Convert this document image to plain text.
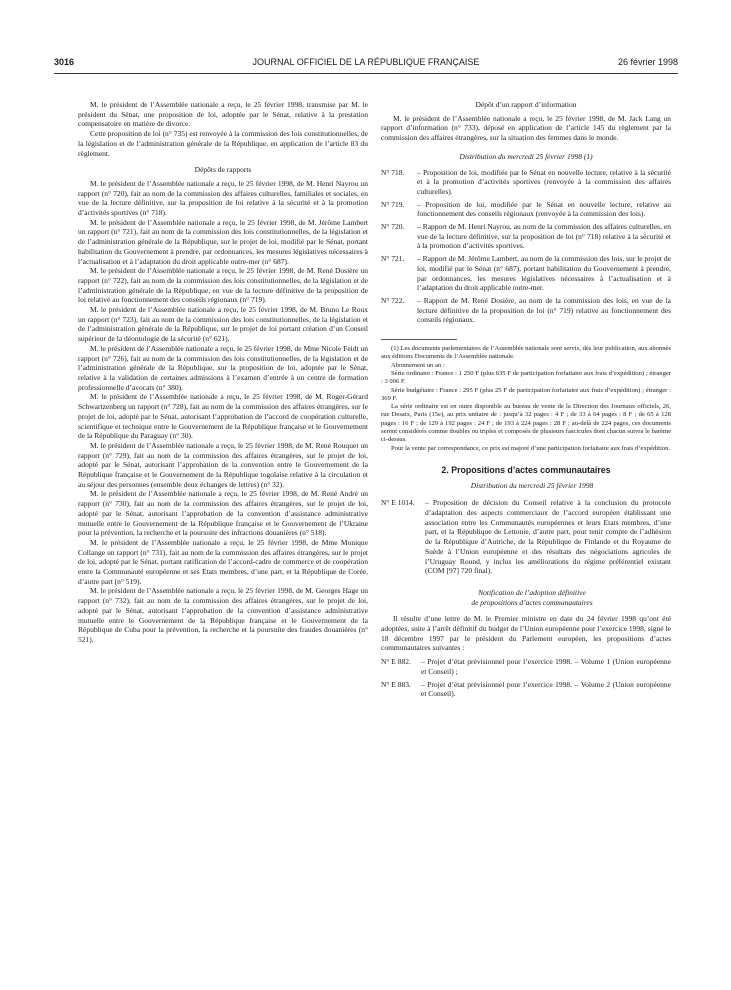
3016	JOURNAL OFFICIEL DE LA RÉPUBLIQUE FRANÇAISE	26 février 1998

M. le président de l’Assemblée nationale a reçu, le 25 février 1998, transmise par M. le président du Sénat, une proposition de loi, adoptée par le Sénat, relative à la prestation compensatoire en matière de divorce.

Cette proposition de loi (n° 735) est renvoyée à la commission des lois constitutionnelles, de la législation et de l’administration générale de la République, en application de l’article 83 du règlement.

Dépôts de rapports

M. le président de l’Assemblée nationale a reçu, le 25 février 1998, de M. Henri Nayrou un rapport (n° 720), fait au nom de la commission des affaires culturelles, familiales et sociales, en vue de la lecture définitive, sur la proposition de loi relative à la sécurité et à la promotion d’activités sportives (n° 718).

M. le président de l’Assemblée nationale a reçu, le 25 février 1998, de M. Jérôme Lambert un rapport (n° 721), fait au nom de la commission des lois constitutionnelles, de la législation et de l’administration générale de la République, sur le projet de loi, modifié par le Sénat, portant habilitation du Gouvernement à prendre, par ordonnances, les mesures législatives nécessaires à l’actualisation et à l’adaptation du droit applicable outre-mer (n° 687).

M. le président de l’Assemblée nationale a reçu, le 25 février 1998, de M. René Dosière un rapport (n° 722), fait au nom de la commission des lois constitutionnelles, de la législation et de l’administration générale de la République, en vue de la lecture définitive de la proposition de loi relative au fonctionnement des conseils régionaux (n° 719).

M. le président de l’Assemblée nationale a reçu, le 25 février 1998, de M. Bruno Le Roux un rapport (n° 723), fait au nom de la commission des lois constitutionnelles, de la législation et de l’administration générale de la République, sur le projet de loi portant création d’un Conseil supérieur de la déontologie de la sécurité (n° 621).

M. le président de l’Assemblée nationale a reçu, le 25 février 1998, de Mme Nicole Feidt un rapport (n° 726), fait au nom de la commission des lois constitutionnelles, de la législation et de l’administration générale de la République, sur la proposition de loi, adoptée par le Sénat, relative à la validation de certaines admissions à l’examen d’entrée à un centre de formation professionnelle d’avocats (n° 380).

M. le président de l’Assemblée nationale a reçu, le 25 février 1998, de M. Roger-Gérard Schwartzenberg un rapport (n° 728), fait au nom de la commission des affaires étrangères, sur le projet de loi, adopté par le Sénat, autorisant l’approbation de l’accord de coopération culturelle, scientifique et technique entre le Gouvernement de la République française et le Gouvernement de la République du Paraguay (n° 30).

M. le président de l’Assemblée nationale a reçu, le 25 février 1998, de M. René Rouquet un rapport (n° 729), fait au nom de la commission des affaires étrangères, sur le projet de loi, adopté par le Sénat, autorisant l’approbation de la convention entre le Gouvernement de la République française et le Gouvernement de la République togolaise relative à la circulation et au séjour des personnes (ensemble deux échanges de lettres) (n° 32).

M. le président de l’Assemblée nationale a reçu, le 25 février 1998, de M. René André un rapport (n° 730), fait au nom de la commission des affaires étrangères, sur le projet de loi, adopté par le Sénat, autorisant l’approbation de la convention d’assistance administrative mutuelle entre le Gouvernement de la République française et le Gouvernement de l’Ukraine pour la prévention, la recherche et la poursuite des infractions douanières (n° 518).

M. le président de l’Assemblée nationale a reçu, le 25 février 1998, de Mme Monique Collange un rapport (n° 731), fait au nom de la commission des affaires étrangères, sur le projet de loi, adopté par le Sénat, portant ratification de l’accord-cadre de commerce et de coopération entre la Communauté européenne et ses Etats membres, d’une part, et la République de Corée, d’autre part (n° 519).

M. le président de l’Assemblée nationale a reçu, le 25 février 1998, de M. Georges Hage un rapport (n° 732), fait au nom de la commission des affaires étrangères, sur le projet de loi, adopté par le Sénat, autorisant l’approbation de la convention d’assistance administrative mutuelle entre le Gouvernement de la République française et le Gouvernement de la République de Cuba pour la prévention, la recherche et la poursuite des fraudes douanières (n° 521).

Dépôt d’un rapport d’information

M. le président de l’Assemblée nationale a reçu, le 25 février 1998, de M. Jack Lang un rapport d’information (n° 733), déposé en application de l’article 145 du règlement par la commission des affaires étrangères, sur la situation des femmes dans le monde.

Distribution du mercredi 25 février 1998 (1)

N° 718.	– Proposition de loi, modifiée par le Sénat en nouvelle lecture, relative à la sécurité et à la promotion d’activités sportives (renvoyée à la commission des affaires culturelles).
N° 719.	– Proposition de loi, modifiée par le Sénat en nouvelle lecture, relative au fonctionnement des conseils régionaux (renvoyée à la commission des lois).
N° 720.	– Rapport de M. Henri Nayrou, au nom de la commission des affaires culturelles, en vue de la lecture définitive, sur la proposition de loi (n° 718) relative à la sécurité et à la promotion d’activités sportives.
N° 721.	– Rapport de M. Jérôme Lambert, au nom de la commission des lois, sur le projet de loi, modifié par le Sénat (n° 687), portant habilitation du Gouvernement à prendre, par ordonnances, les mesures législatives nécessaires à l’actualisation et à l’adaptation du droit applicable outre-mer.
N° 722.	– Rapport de M. René Dosière, au nom de la commission des lois, en vue de la lecture définitive de la proposition de loi (n° 719) relative au fonctionnement des conseils régionaux.

(1) Les documents parlementaires de l’Assemblée nationale sont servis, dès leur publication, aux abonnés aux éditions Documents de l’Assemblée nationale.

Abonnement un an :

Série ordinaire : France : 1 250 F (plus 635 F de participation forfaitaire aux frais d’expédition) ; étranger : 3 006 F.

Série budgétaire : France : 295 F (plus 25 F de participation forfaitaire aux frais d’expédition) ; étranger : 369 F.

La série ordinaire est en outre disponible au bureau de vente de la Direction des Journaux officiels, 26, rue Desaix, Paris (15e), au prix unitaire de : jusqu’à 32 pages : 4 F ; de 33 à 64 pages : 8 F ; de 65 à 128 pages : 16 F ; de 129 à 192 pages : 24 F ; de 193 à 224 pages : 28 F ; au-delà de 224 pages, ces documents seront considérés comme doubles ou triples et composés de plusieurs fascicules dont chacun suivra le barème ci-dessus.

Pour la vente par correspondance, ce prix est majoré d’une participation forfaitaire aux frais d’expédition.

2. Propositions d’actes communautaires

Distribution du mercredi 25 février 1998

N° E 1014.	– Proposition de décision du Conseil relative à la conclusion du protocole d’adaptation des aspects commerciaux de l’accord européen établissant une association entre les Communautés européennes et leurs Etats membres, d’une part, et la République de Lettonie, d’autre part, pour tenir compte de l’adhésion de la République d’Autriche, de la République de Finlande et du Royaume de Suède à l’Union européenne et des résultats des négociations agricoles de l’Uruguay Round, y inclus les améliorations du régime préférentiel existant (COM [97] 720 final).

Notification de l’adoption définitive

de propositions d’actes communautaires

Il résulte d’une lettre de M. le Premier ministre en date du 24 février 1998 qu’ont été adoptées, suite à l’arrêt définitif du budget de l’Union européenne pour l’exercice 1998, signé le 18 décembre 1997 par le président du Parlement européen, les propositions d’actes communautaires suivantes :

N° E 882.	– Projet d’état prévisionnel pour l’exercice 1998. – Volume 1 (Union européenne et Conseil) ;
N° E 883.	– Projet d’état prévisionnel pour l’exercice 1998. – Volume 2 (Union européenne et Conseil).
